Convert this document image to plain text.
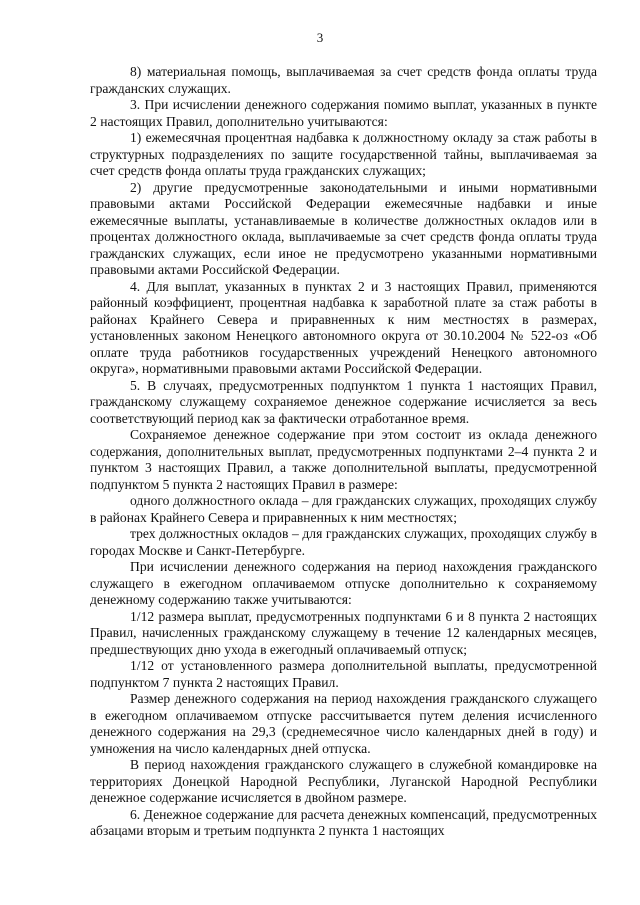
3

8) материальная помощь, выплачиваемая за счет средств фонда оплаты труда гражданских служащих.

3. При исчислении денежного содержания помимо выплат, указанных в пункте 2 настоящих Правил, дополнительно учитываются:

1) ежемесячная процентная надбавка к должностному окладу за стаж работы в структурных подразделениях по защите государственной тайны, выплачиваемая за счет средств фонда оплаты труда гражданских служащих;

2) другие предусмотренные законодательными и иными нормативными правовыми актами Российской Федерации ежемесячные надбавки и иные ежемесячные выплаты, устанавливаемые в количестве должностных окладов или в процентах должностного оклада, выплачиваемые за счет средств фонда оплаты труда гражданских служащих, если иное не предусмотрено указанными нормативными правовыми актами Российской Федерации.

4. Для выплат, указанных в пунктах 2 и 3 настоящих Правил, применяются районный коэффициент, процентная надбавка к заработной плате за стаж работы в районах Крайнего Севера и приравненных к ним местностях в размерах, установленных законом Ненецкого автономного округа от 30.10.2004 № 522-оз «Об оплате труда работников государственных учреждений Ненецкого автономного округа», нормативными правовыми актами Российской Федерации.

5. В случаях, предусмотренных подпунктом 1 пункта 1 настоящих Правил, гражданскому служащему сохраняемое денежное содержание исчисляется за весь соответствующий период как за фактически отработанное время.

Сохраняемое денежное содержание при этом состоит из оклада денежного содержания, дополнительных выплат, предусмотренных подпунктами 2–4 пункта 2 и пунктом 3 настоящих Правил, а также дополнительной выплаты, предусмотренной подпунктом 5 пункта 2 настоящих Правил в размере:

одного должностного оклада – для гражданских служащих, проходящих службу в районах Крайнего Севера и приравненных к ним местностях;

трех должностных окладов – для гражданских служащих, проходящих службу в городах Москве и Санкт-Петербурге.

При исчислении денежного содержания на период нахождения гражданского служащего в ежегодном оплачиваемом отпуске дополнительно к сохраняемому денежному содержанию также учитываются:

1/12 размера выплат, предусмотренных подпунктами 6 и 8 пункта 2 настоящих Правил, начисленных гражданскому служащему в течение 12 календарных месяцев, предшествующих дню ухода в ежегодный оплачиваемый отпуск;

1/12 от установленного размера дополнительной выплаты, предусмотренной подпунктом 7 пункта 2 настоящих Правил.

Размер денежного содержания на период нахождения гражданского служащего в ежегодном оплачиваемом отпуске рассчитывается путем деления исчисленного денежного содержания на 29,3 (среднемесячное число календарных дней в году) и умножения на число календарных дней отпуска.

В период нахождения гражданского служащего в служебной командировке на территориях Донецкой Народной Республики, Луганской Народной Республики денежное содержание исчисляется в двойном размере.

6. Денежное содержание для расчета денежных компенсаций, предусмотренных абзацами вторым и третьим подпункта 2 пункта 1 настоящих
